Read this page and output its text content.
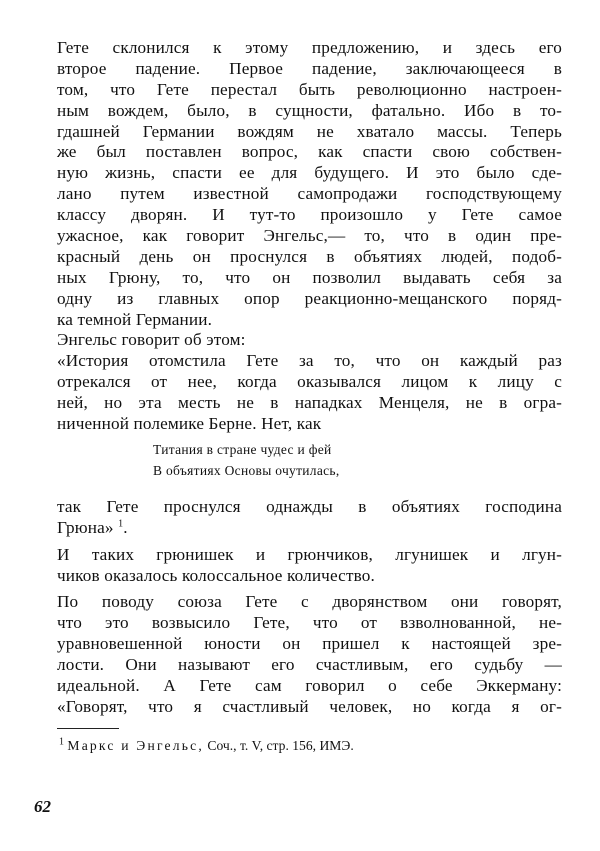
Гете склонился к этому предложению, и здесь его
второе падение. Первое падение, заключающееся в
том, что Гете перестал быть революционно настроен-
ным вождем, было, в сущности, фатально. Ибо в то-
гдашней Германии вождям не хватало массы. Теперь
же был поставлен вопрос, как спасти свою собствен-
ную жизнь, спасти ее для будущего. И это было сде-
лано путем известной самопродажи господствующему
классу дворян. И тут-то произошло у Гете самое
ужасное, как говорит Энгельс,— то, что в один пре-
красный день он проснулся в объятиях людей, подоб-
ных Грюну, то, что он позволил выдавать себя за
одну из главных опор реакционно-мещанского поряд-
ка темной Германии.
Энгельс говорит об этом:
«История отомстила Гете за то, что он каждый раз
отрекался от нее, когда оказывался лицом к лицу с
ней, но эта месть не в нападках Менцеля, не в огра-
ниченной полемике Берне. Нет, как
Титания в стране чудес и фей
В объятиях Основы очутилась,
так Гете проснулся однажды в объятиях господина
Грюна» $^1$.
И таких грюнишек и грюнчиков, лгунишек и лгун-
чиков оказалось колоссальное количество.
По поводу союза Гете с дворянством они говорят,
что это возвысило Гете, что от взволнованной, не-
уравновешенной юности он пришел к настоящей зре-
лости. Они называют его счастливым, его судьбу —
идеальной. А Гете сам говорил о себе Эккерману:
«Говорят, что я счастливый человек, но когда я ог-
$^1$ Маркс и Энгельс, Соч., т. V, стр. 156, ИМЭ.
62
